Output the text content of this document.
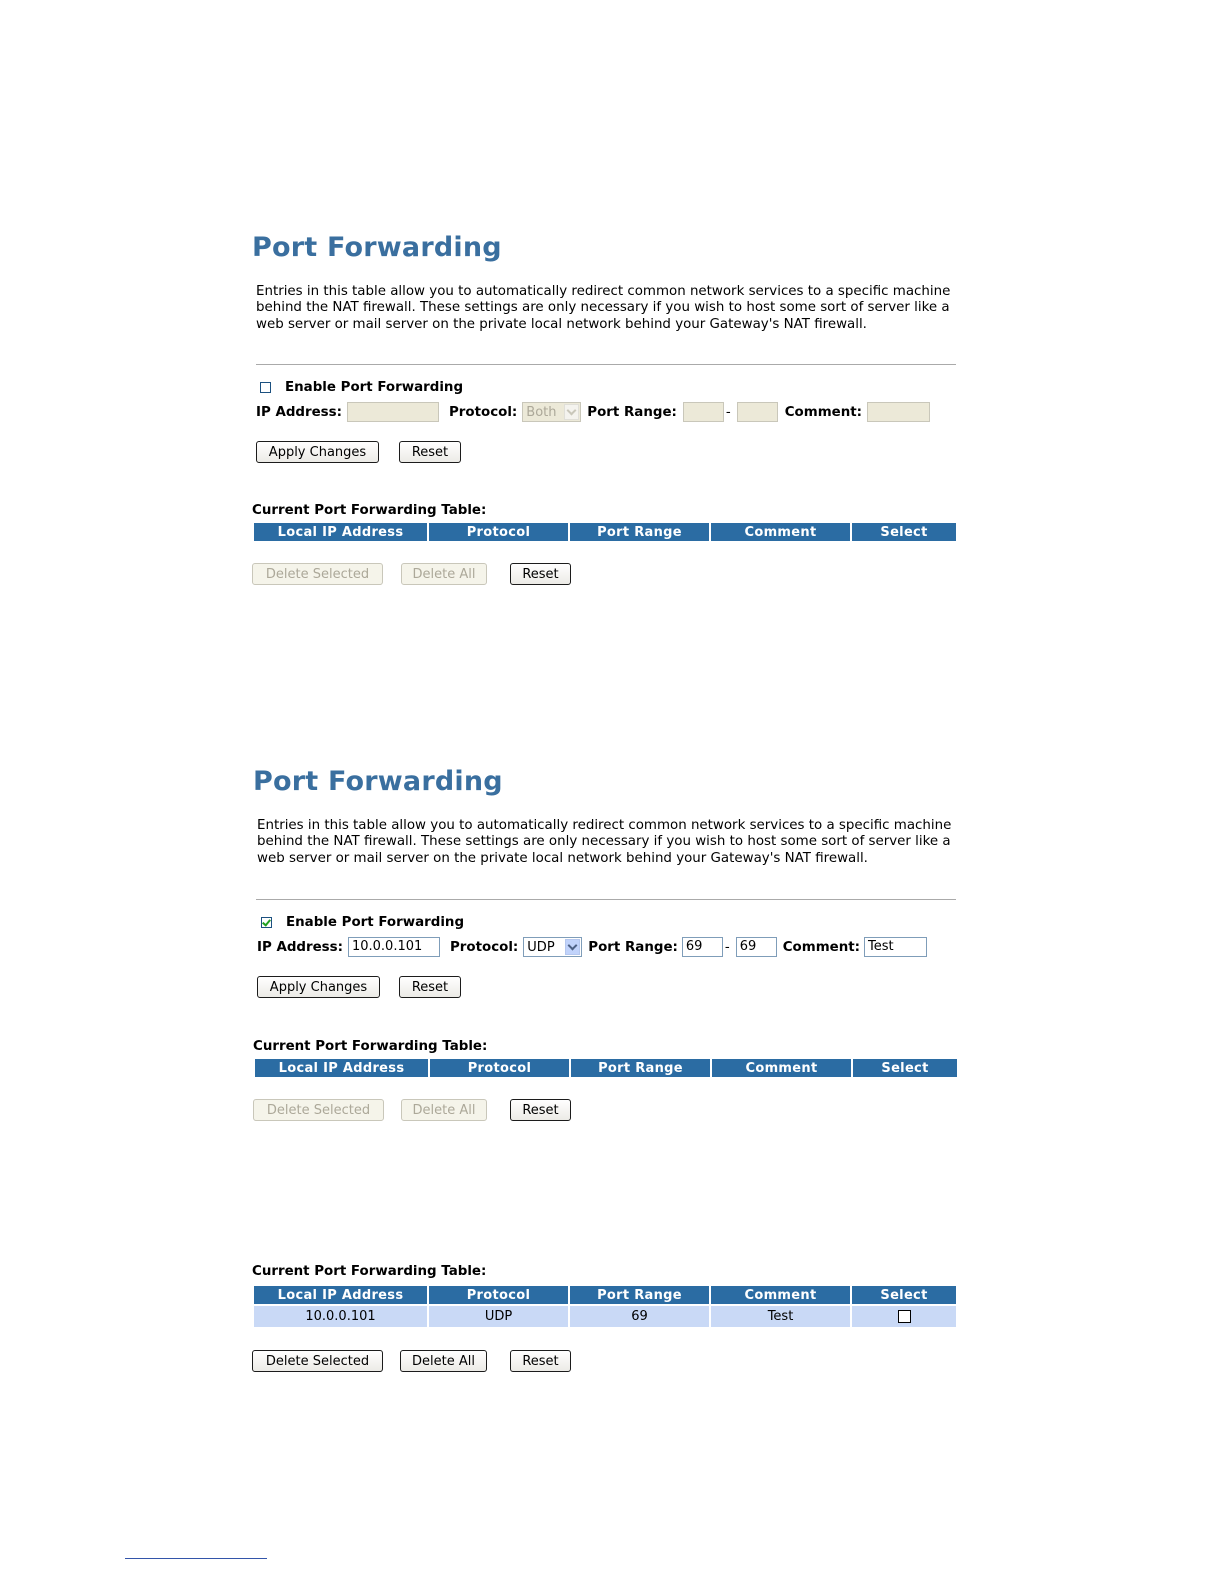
Port Forwarding

Entries in this table allow you to automatically redirect common network services to a specific machine behind the NAT firewall. These settings are only necessary if you wish to host some sort of server like a web server or mail server on the private local network behind your Gateway's NAT firewall.

Enable Port Forwarding
IP Address:	Protocol: Both Port Range:	-	Comment:
Apply Changes	Reset
Current Port Forwarding Table:
Local IP Address	Protocol	Port Range	Comment	Select
Delete Selected	Delete All	Reset
Port Forwarding

Entries in this table allow you to automatically redirect common network services to a specific machine behind the NAT firewall. These settings are only necessary if you wish to host some sort of server like a web server or mail server on the private local network behind your Gateway's NAT firewall.

Enable Port Forwarding
IP Address: 10.0.0.101	Protocol: UDP	Port Range: 69	- 69	Comment: Test
Apply Changes	Reset
Current Port Forwarding Table:
Local IP Address	Protocol	Port Range	Comment	Select
Delete Selected	Delete All	Reset
Current Port Forwarding Table:
Local IP Address	Protocol	Port Range	Comment	Select
10.0.0.101	UDP	69	Test
Delete Selected	Delete All	Reset
